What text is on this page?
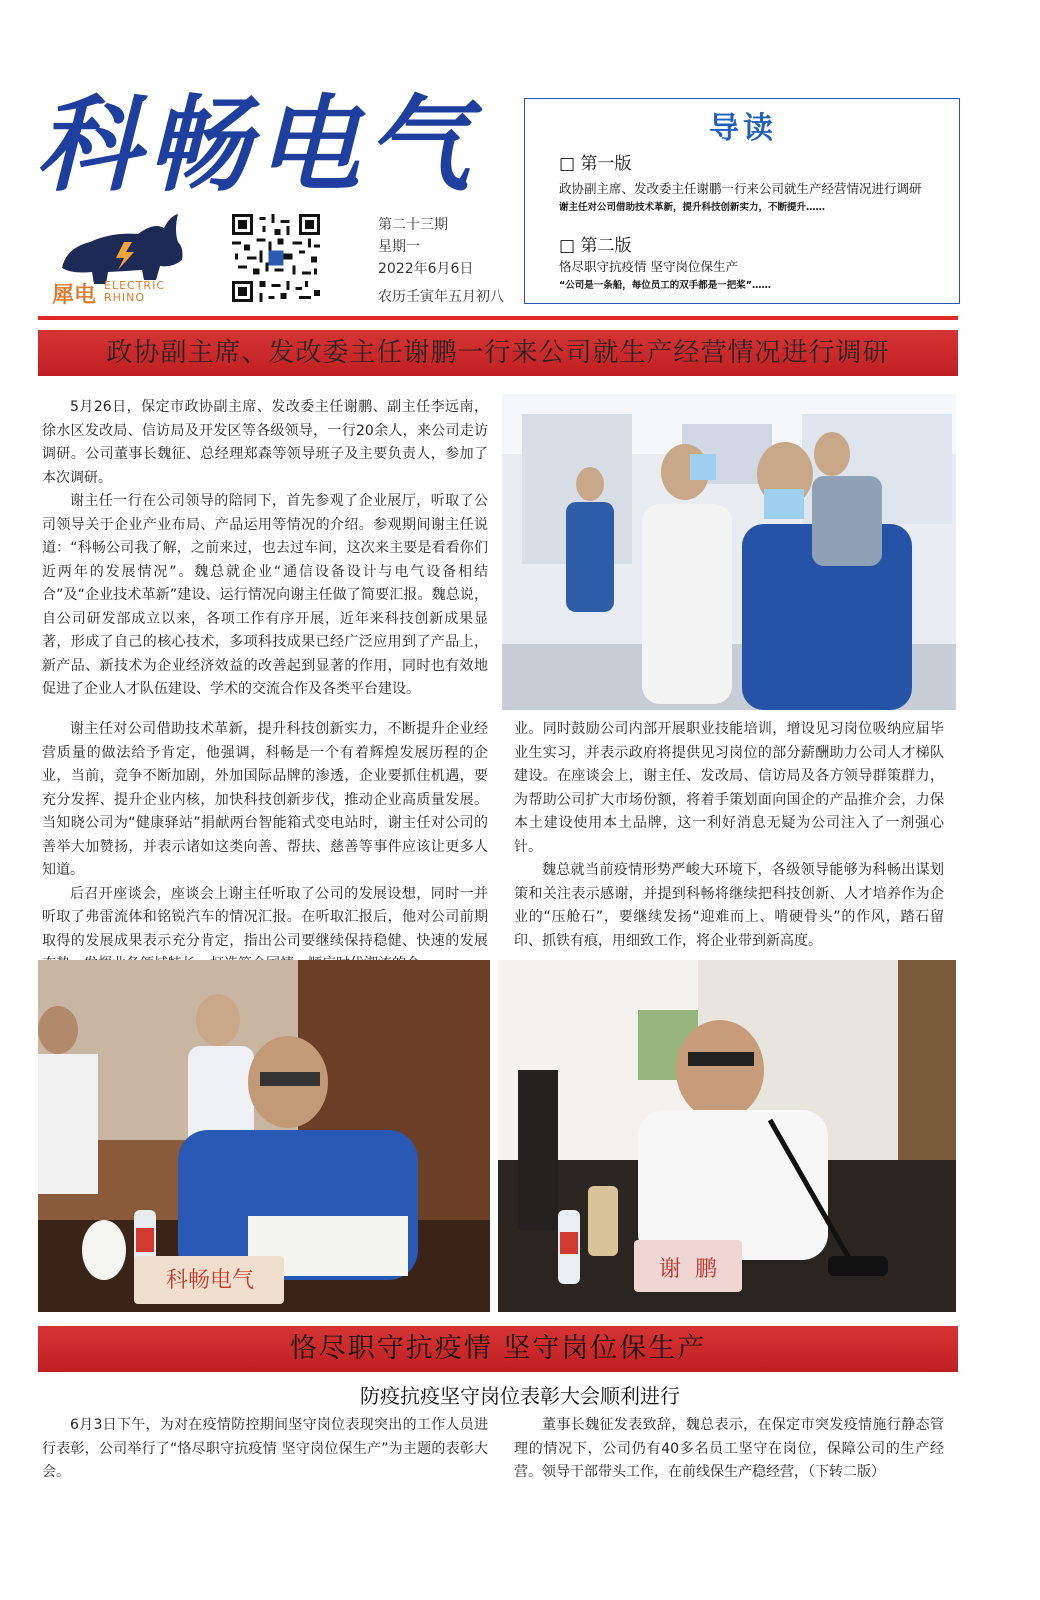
科畅电气
犀电 ELECTRIC
RHINO
第二十三期
星期一
2022年6月6日
农历壬寅年五月初八
导读
□ 第一版
政协副主席、发改委主任谢鹏一行来公司就生产经营情况进行调研
谢主任对公司借助技术革新，提升科技创新实力，不断提升……
□ 第二版
恪尽职守抗疫情 坚守岗位保生产
“公司是一条船，每位员工的双手都是一把桨”……
政协副主席、发改委主任谢鹏一行来公司就生产经营情况进行调研
5月26日，保定市政协副主席、发改委主任谢鹏、副主任李远南，徐水区发改局、信访局及开发区等各级领导，一行20余人，来公司走访调研。公司董事长魏征、总经理郑森等领导班子及主要负责人，参加了本次调研。
谢主任一行在公司领导的陪同下，首先参观了企业展厅，听取了公司领导关于企业产业布局、产品运用等情况的介绍。参观期间谢主任说道：“科畅公司我了解，之前来过，也去过车间，这次来主要是看看你们近两年的发展情况”。魏总就企业“通信设备设计与电气设备相结合”及“企业技术革新”建设、运行情况向谢主任做了简要汇报。魏总说，自公司研发部成立以来，各项工作有序开展，近年来科技创新成果显著，形成了自己的核心技术，多项科技成果已经广泛应用到了产品上，新产品、新技术为企业经济效益的改善起到显著的作用，同时也有效地促进了企业人才队伍建设、学术的交流合作及各类平台建设。
谢主任对公司借助技术革新，提升科技创新实力，不断提升企业经营质量的做法给予肯定，他强调，科畅是一个有着辉煌发展历程的企业，当前，竞争不断加剧，外加国际品牌的渗透，企业要抓住机遇，要充分发挥、提升企业内核，加快科技创新步伐，推动企业高质量发展。当知晓公司为“健康驿站”捐献两台智能箱式变电站时，谢主任对公司的善举大加赞扬，并表示诸如这类向善、帮扶、慈善等事件应该让更多人知道。
后召开座谈会，座谈会上谢主任听取了公司的发展设想，同时一并听取了弗雷流体和铭锐汽车的情况汇报。在听取汇报后，他对公司前期取得的发展成果表示充分肯定，指出公司要继续保持稳健、快速的发展
业。同时鼓励公司内部开展职业技能培训，增设见习岗位吸纳应届毕业生实习，并表示政府将提供见习岗位的部分薪酬助力公司人才梯队建设。在座谈会上，谢主任、发改局、信访局及各方领导群策群力，为帮助公司扩大市场份额，将着手策划面向国企的产品推介会，力保本土建设使用本土品牌，这一利好消息无疑为公司注入了一剂强心针。
魏总就当前疫情形势严峻大环境下，各级领导能够为科畅出谋划策和关注表示感谢，并提到科畅将继续把科技创新、人才培养作为企业的“压舱石”，要继续发扬“迎难而上、啃硬骨头”的作风，踏石留印、抓铁有痕，用细致工作，将企业带到新高度。
科畅电气	谢  鹏
恪尽职守抗疫情 坚守岗位保生产
防疫抗疫坚守岗位表彰大会顺利进行
6月3日下午，为对在疫情防控期间坚守岗位表现突出的工作人员进行表彰，公司举行了“恪尽职守抗疫情 坚守岗位保生产”为主题的表彰大会。
董事长魏征发表致辞，魏总表示，在保定市突发疫情施行静态管理的情况下，公司仍有40多名员工坚守在岗位，保障公司的生产经营。领导干部带头工作，在前线保生产稳经营，（下转二版）
